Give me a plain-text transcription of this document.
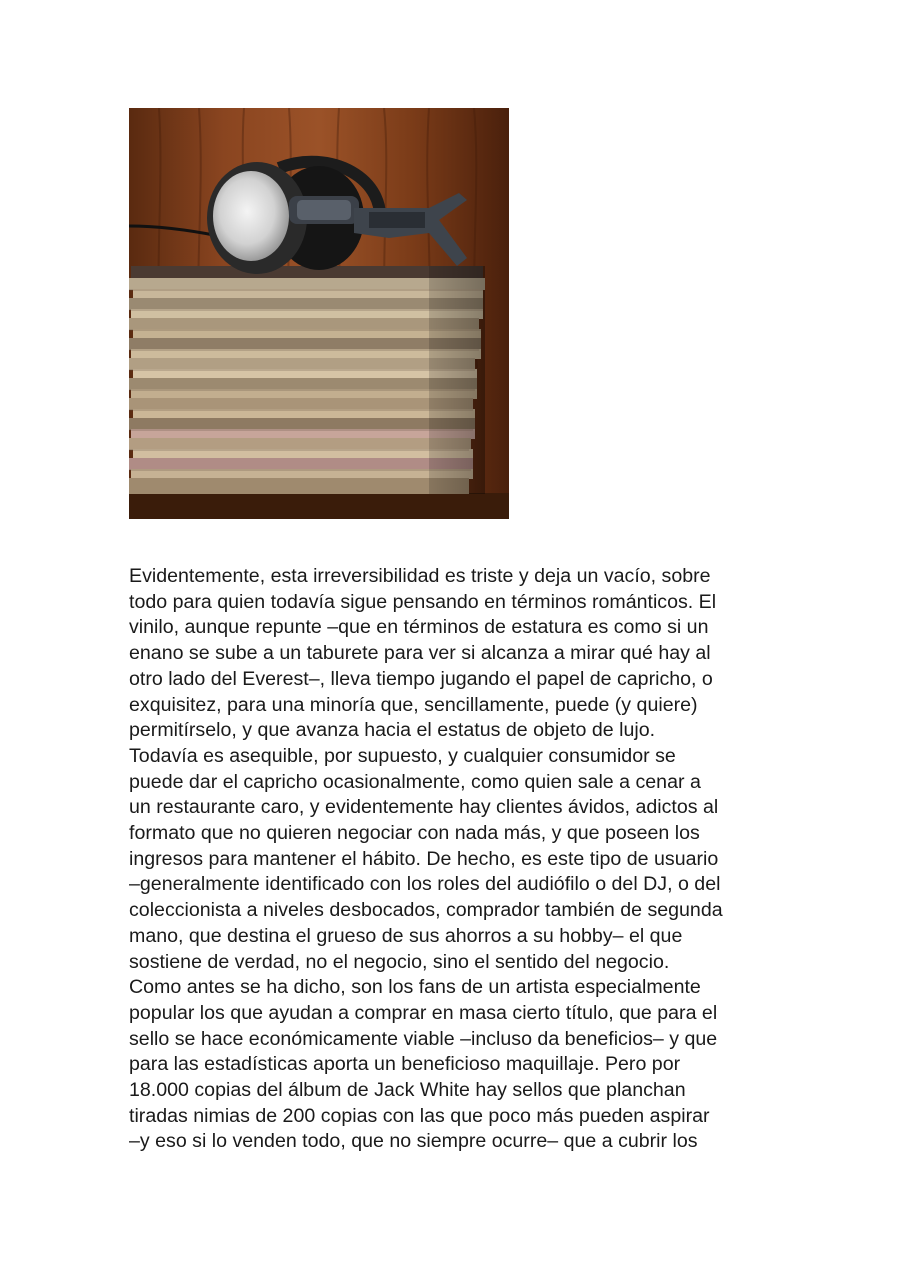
Evidentemente, esta irreversibilidad es triste y deja un vacío, sobre
todo para quien todavía sigue pensando en términos románticos. El
vinilo, aunque repunte –que en términos de estatura es como si un
enano se sube a un taburete para ver si alcanza a mirar qué hay al
otro lado del Everest–, lleva tiempo jugando el papel de capricho, o
exquisitez, para una minoría que, sencillamente, puede (y quiere)
permitírselo, y que avanza hacia el estatus de objeto de lujo.
Todavía es asequible, por supuesto, y cualquier consumidor se
puede dar el capricho ocasionalmente, como quien sale a cenar a
un restaurante caro, y evidentemente hay clientes ávidos, adictos al
formato que no quieren negociar con nada más, y que poseen los
ingresos para mantener el hábito. De hecho, es este tipo de usuario
–generalmente identificado con los roles del audiófilo o del DJ, o del
coleccionista a niveles desbocados, comprador también de segunda
mano, que destina el grueso de sus ahorros a su hobby– el que
sostiene de verdad, no el negocio, sino el sentido del negocio.
Como antes se ha dicho, son los fans de un artista especialmente
popular los que ayudan a comprar en masa cierto título, que para el
sello se hace económicamente viable –incluso da beneficios– y que
para las estadísticas aporta un beneficioso maquillaje. Pero por
18.000 copias del álbum de Jack White hay sellos que planchan
tiradas nimias de 200 copias con las que poco más pueden aspirar
–y eso si lo venden todo, que no siempre ocurre– que a cubrir los
